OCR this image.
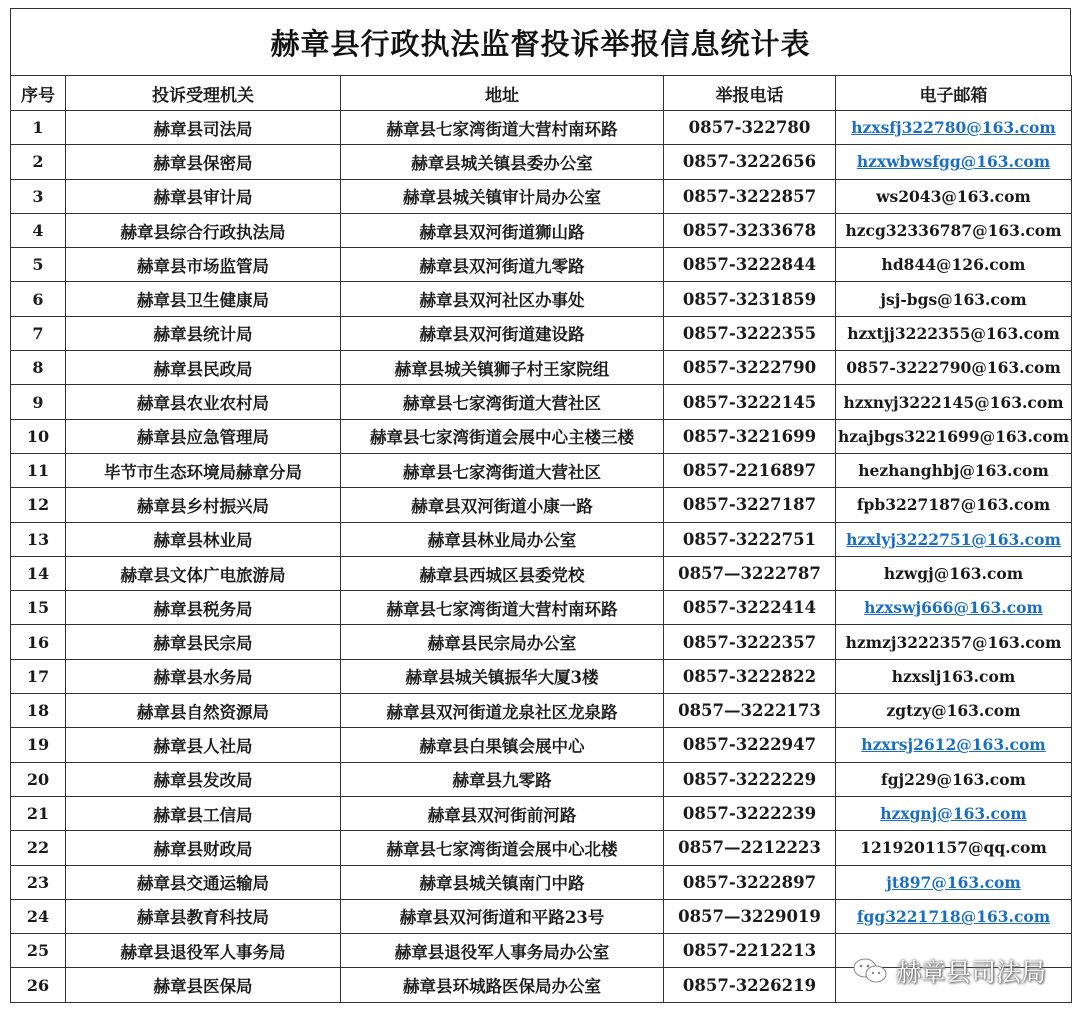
赫章县行政执法监督投诉举报信息统计表
序号	投诉受理机关	地址	举报电话	电子邮箱
1	赫章县司法局	赫章县七家湾街道大营村南环路	0857-322780	hzxsfj322780@163.com
2	赫章县保密局	赫章县城关镇县委办公室	0857-3222656	hzxwbwsfgg@163.com
3	赫章县审计局	赫章县城关镇审计局办公室	0857-3222857	ws2043@163.com
4	赫章县综合行政执法局	赫章县双河街道狮山路	0857-3233678	hzcg32336787@163.com
5	赫章县市场监管局	赫章县双河街道九零路	0857-3222844	hd844@126.com
6	赫章县卫生健康局	赫章县双河社区办事处	0857-3231859	jsj-bgs@163.com
7	赫章县统计局	赫章县双河街道建设路	0857-3222355	hzxtjj3222355@163.com
8	赫章县民政局	赫章县城关镇狮子村王家院组	0857-3222790	0857-3222790@163.com
9	赫章县农业农村局	赫章县七家湾街道大营社区	0857-3222145	hzxnyj3222145@163.com
10	赫章县应急管理局	赫章县七家湾街道会展中心主楼三楼	0857-3221699	hzajbgs3221699@163.com
11	毕节市生态环境局赫章分局	赫章县七家湾街道大营社区	0857-2216897	hezhanghbj@163.com
12	赫章县乡村振兴局	赫章县双河街道小康一路	0857-3227187	fpb3227187@163.com
13	赫章县林业局	赫章县林业局办公室	0857-3222751	hzxlyj3222751@163.com
14	赫章县文体广电旅游局	赫章县西城区县委党校	0857—3222787	hzwgj@163.com
15	赫章县税务局	赫章县七家湾街道大营村南环路	0857-3222414	hzxswj666@163.com
16	赫章县民宗局	赫章县民宗局办公室	0857-3222357	hzmzj3222357@163.com
17	赫章县水务局	赫章县城关镇振华大厦3楼	0857-3222822	hzxslj163.com
18	赫章县自然资源局	赫章县双河街道龙泉社区龙泉路	0857—3222173	zgtzy@163.com
19	赫章县人社局	赫章县白果镇会展中心	0857-3222947	hzxrsj2612@163.com
20	赫章县发改局	赫章县九零路	0857-3222229	fgj229@163.com
21	赫章县工信局	赫章县双河街前河路	0857-3222239	hzxgnj@163.com
22	赫章县财政局	赫章县七家湾街道会展中心北楼	0857—2212223	1219201157@qq.com
23	赫章县交通运输局	赫章县城关镇南门中路	0857-3222897	jt897@163.com
24	赫章县教育科技局	赫章县双河街道和平路23号	0857—3229019	fgg3221718@163.com
25	赫章县退役军人事务局	赫章县退役军人事务局办公室	0857-2212213	
26	赫章县医保局	赫章县环城路医保局办公室	0857-3226219		赫章县司法局
